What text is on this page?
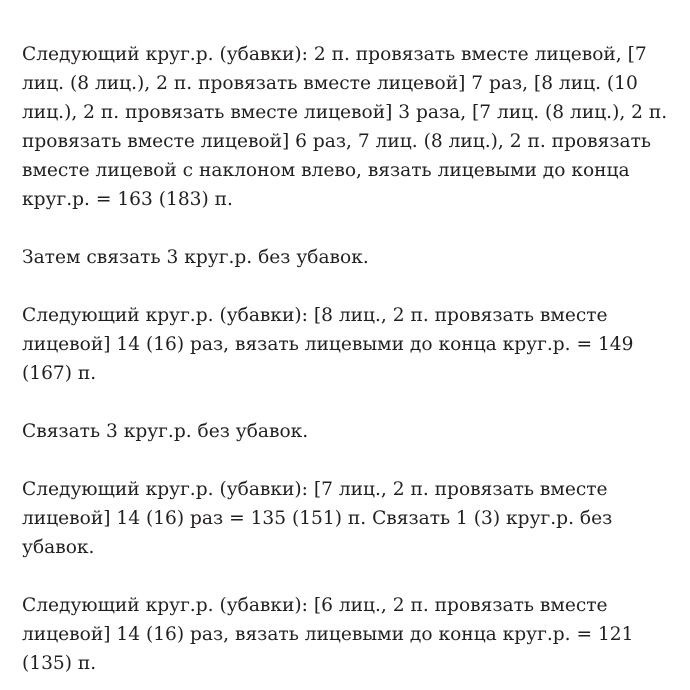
Следующий круг.р. (убавки): 2 п. провязать вместе лицевой, [7 лиц. (8 лиц.), 2 п. провязать вместе лицевой] 7 раз, [8 лиц. (10 лиц.), 2 п. провязать вместе лицевой] 3 раза, [7 лиц. (8 лиц.), 2 п. провязать вместе лицевой] 6 раз, 7 лиц. (8 лиц.), 2 п. провязать вместе лицевой с наклоном влево, вязать лицевыми до конца круг.р. = 163 (183) п.

Затем связать 3 круг.р. без убавок.

Следующий круг.р. (убавки): [8 лиц., 2 п. провязать вместе лицевой] 14 (16) раз, вязать лицевыми до конца круг.р. = 149 (167) п.

Связать 3 круг.р. без убавок.

Следующий круг.р. (убавки): [7 лиц., 2 п. провязать вместе лицевой] 14 (16) раз = 135 (151) п. Связать 1 (3) круг.р. без убавок.

Следующий круг.р. (убавки): [6 лиц., 2 п. провязать вместе лицевой] 14 (16) раз, вязать лицевыми до конца круг.р. = 121 (135) п.
